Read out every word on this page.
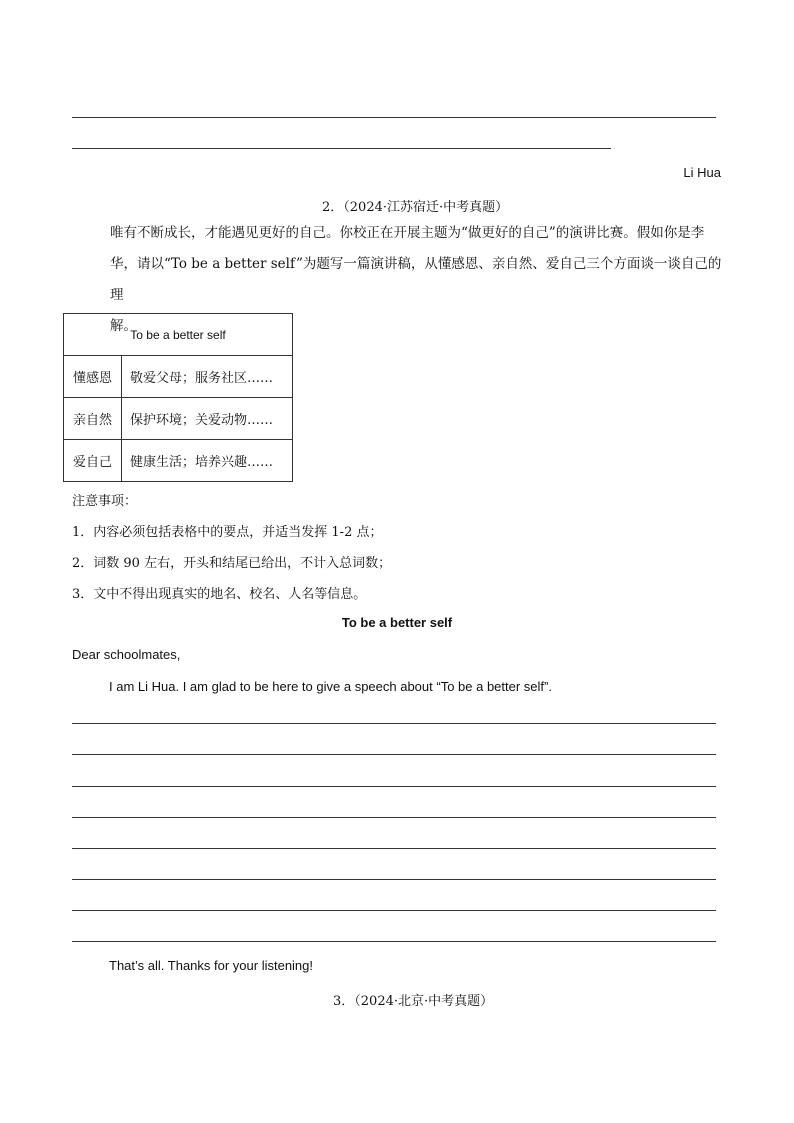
Li Hua
2．（2024·江苏宿迁·中考真题）
唯有不断成长，才能遇见更好的自己。你校正在开展主题为“做更好的自己”的演讲比赛。假如你是李
华，请以“To be a better self”为题写一篇演讲稿，从懂感恩、亲自然、爱自己三个方面谈一谈自己的理
解。
To be a better self	
懂感恩	敬爱父母；服务社区……
亲自然	保护环境；关爱动物……
爱自己	健康生活；培养兴趣……
注意事项：
1．内容必须包括表格中的要点，并适当发挥 1-2 点；
2．词数 90 左右，开头和结尾已给出，不计入总词数；
3．文中不得出现真实的地名、校名、人名等信息。
To be a better self
Dear schoolmates,
I am Li Hua. I am glad to be here to give a speech about “To be a better self”.
That’s all. Thanks for your listening!
3．（2024·北京·中考真题）
